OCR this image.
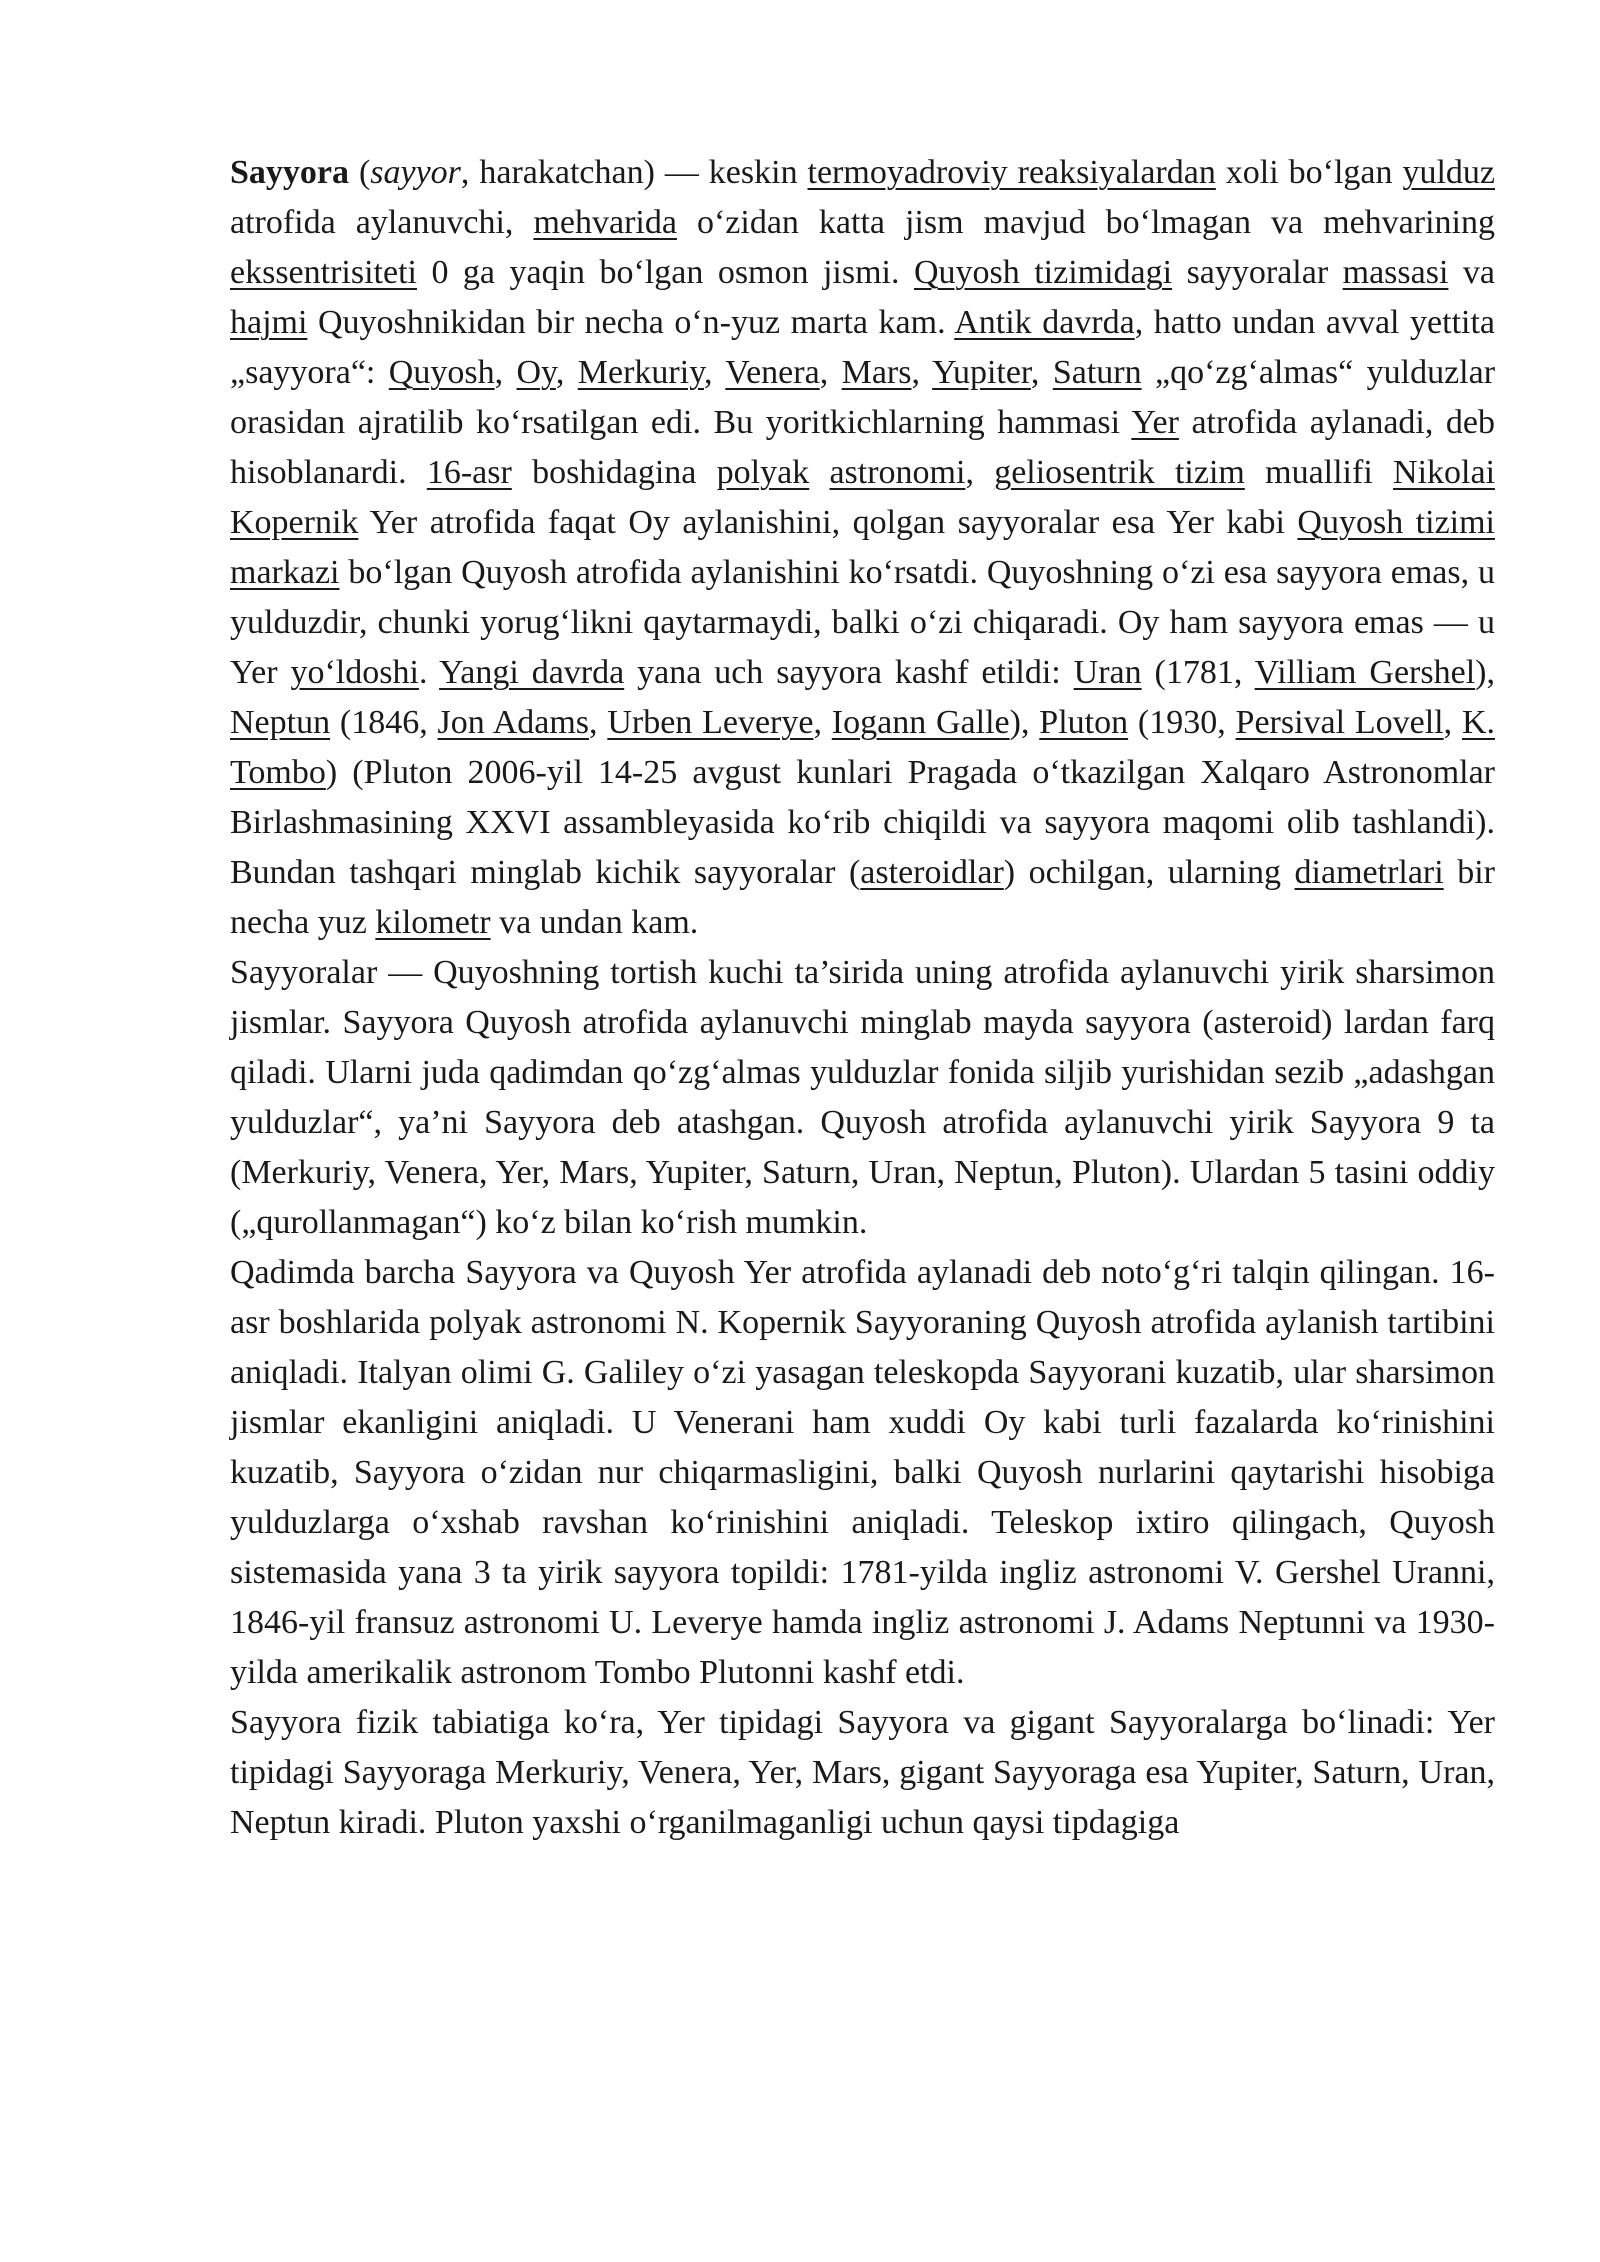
Sayyora (sayyor, harakatchan) — keskin termoyadroviy reaksiyalardan xoli bo‘lgan yulduz atrofida aylanuvchi, mehvarida o‘zidan katta jism mavjud bo‘lmagan va mehvarining ekssentrisiteti 0 ga yaqin bo‘lgan osmon jismi. Quyosh tizimidagi sayyoralar massasi va hajmi Quyoshnikidan bir necha o‘n-yuz marta kam. Antik davrda, hatto undan avval yettita „sayyora“: Quyosh, Oy, Merkuriy, Venera, Mars, Yupiter, Saturn „qo‘zg‘almas“ yulduzlar orasidan ajratilib ko‘rsatilgan edi. Bu yoritkichlarning hammasi Yer atrofida aylanadi, deb hisoblanardi. 16-asr boshidagina polyak astronomi, geliosentrik tizim muallifi Nikolai Kopernik Yer atrofida faqat Oy aylanishini, qolgan sayyoralar esa Yer kabi Quyosh tizimi markazi bo‘lgan Quyosh atrofida aylanishini ko‘rsatdi. Quyoshning o‘zi esa sayyora emas, u yulduzdir, chunki yorug‘likni qaytarmaydi, balki o‘zi chiqaradi. Oy ham sayyora emas — u Yer yo‘ldoshi. Yangi davrda yana uch sayyora kashf etildi: Uran (1781, Villiam Gershel), Neptun (1846, Jon Adams, Urben Leverye, Iogann Galle), Pluton (1930, Persival Lovell, K. Tombo) (Pluton 2006-yil 14-25 avgust kunlari Pragada o‘tkazilgan Xalqaro Astronomlar Birlashmasining XXVI assambleyasida ko‘rib chiqildi va sayyora maqomi olib tashlandi). Bundan tashqari minglab kichik sayyoralar (asteroidlar) ochilgan, ularning diametrlari bir necha yuz kilometr va undan kam.

Sayyoralar — Quyoshning tortish kuchi ta’sirida uning atrofida aylanuvchi yirik sharsimon jismlar. Sayyora Quyosh atrofida aylanuvchi minglab mayda sayyora (asteroid) lardan farq qiladi. Ularni juda qadimdan qo‘zg‘almas yulduzlar fonida siljib yurishidan sezib „adashgan yulduzlar“, ya’ni Sayyora deb atashgan. Quyosh atrofida aylanuvchi yirik Sayyora 9 ta (Merkuriy, Venera, Yer, Mars, Yupiter, Saturn, Uran, Neptun, Pluton). Ulardan 5 tasini oddiy („qurollanmagan“) ko‘z bilan ko‘rish mumkin.

Qadimda barcha Sayyora va Quyosh Yer atrofida aylanadi deb noto‘g‘ri talqin qilingan. 16-asr boshlarida polyak astronomi N. Kopernik Sayyoraning Quyosh atrofida aylanish tartibini aniqladi. Italyan olimi G. Galiley o‘zi yasagan teleskopda Sayyorani kuzatib, ular sharsimon jismlar ekanligini aniqladi. U Venerani ham xuddi Oy kabi turli fazalarda ko‘rinishini kuzatib, Sayyora o‘zidan nur chiqarmasligini, balki Quyosh nurlarini qaytarishi hisobiga yulduzlarga o‘xshab ravshan ko‘rinishini aniqladi. Teleskop ixtiro qilingach, Quyosh sistemasida yana 3 ta yirik sayyora topildi: 1781-yilda ingliz astronomi V. Gershel Uranni, 1846-yil fransuz astronomi U. Leverye hamda ingliz astronomi J. Adams Neptunni va 1930-yilda amerikalik astronom Tombo Plutonni kashf etdi.

Sayyora fizik tabiatiga ko‘ra, Yer tipidagi Sayyora va gigant Sayyoralarga bo‘linadi: Yer tipidagi Sayyoraga Merkuriy, Venera, Yer, Mars, gigant Sayyoraga esa Yupiter, Saturn, Uran, Neptun kiradi. Pluton yaxshi o‘rganilmaganligi uchun qaysi tipdagiga
